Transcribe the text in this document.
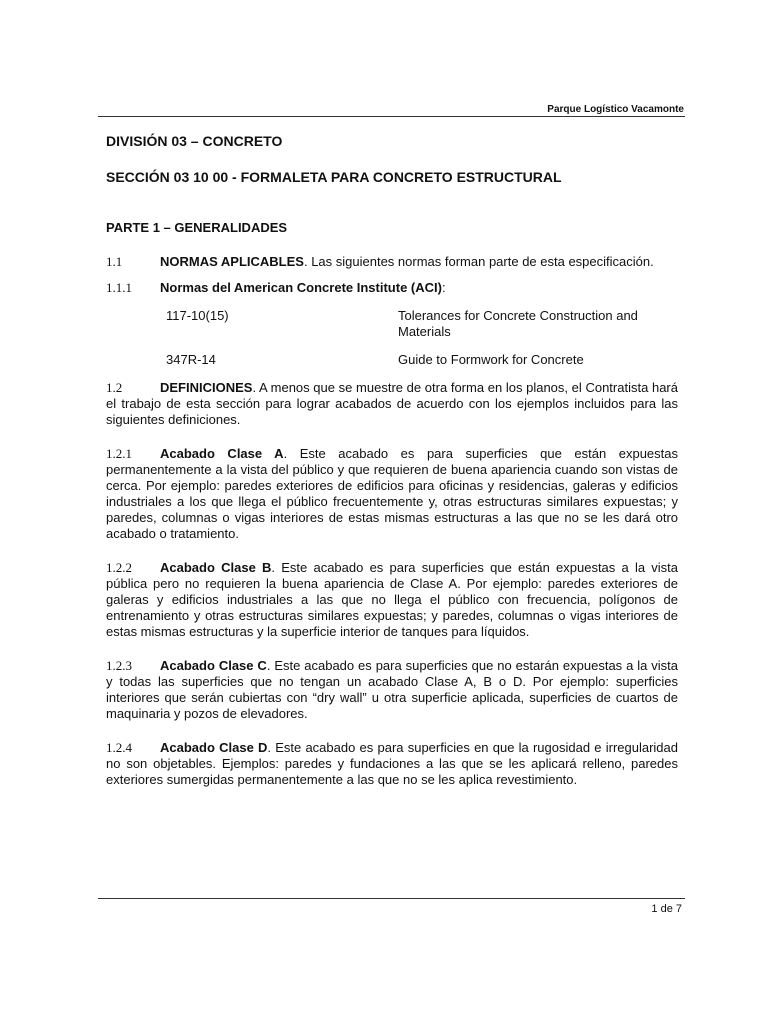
Parque Logístico Vacamonte
DIVISIÓN 03 – CONCRETO
SECCIÓN 03 10 00 - FORMALETA PARA CONCRETO ESTRUCTURAL
PARTE 1 – GENERALIDADES
1.1	NORMAS APLICABLES. Las siguientes normas forman parte de esta especificación.
1.1.1 Normas del American Concrete Institute (ACI):
117-10(15)	Tolerances for Concrete Construction and Materials
347R-14	Guide to Formwork for Concrete
1.2	DEFINICIONES. A menos que se muestre de otra forma en los planos, el Contratista hará el trabajo de esta sección para lograr acabados de acuerdo con los ejemplos incluidos para las siguientes definiciones.
1.2.1 Acabado Clase A. Este acabado es para superficies que están expuestas permanentemente a la vista del público y que requieren de buena apariencia cuando son vistas de cerca. Por ejemplo: paredes exteriores de edificios para oficinas y residencias, galeras y edificios industriales a los que llega el público frecuentemente y, otras estructuras similares expuestas; y paredes, columnas o vigas interiores de estas mismas estructuras a las que no se les dará otro acabado o tratamiento.
1.2.2 Acabado Clase B. Este acabado es para superficies que están expuestas a la vista pública pero no requieren la buena apariencia de Clase A. Por ejemplo: paredes exteriores de galeras y edificios industriales a las que no llega el público con frecuencia, polígonos de entrenamiento y otras estructuras similares expuestas; y paredes, columnas o vigas interiores de estas mismas estructuras y la superficie interior de tanques para líquidos.
1.2.3 Acabado Clase C. Este acabado es para superficies que no estarán expuestas a la vista y todas las superficies que no tengan un acabado Clase A, B o D. Por ejemplo: superficies interiores que serán cubiertas con “dry wall” u otra superficie aplicada, superficies de cuartos de maquinaria y pozos de elevadores.
1.2.4 Acabado Clase D. Este acabado es para superficies en que la rugosidad e irregularidad no son objetables. Ejemplos: paredes y fundaciones a las que se les aplicará relleno, paredes exteriores sumergidas permanentemente a las que no se les aplica revestimiento.
1 de 7
